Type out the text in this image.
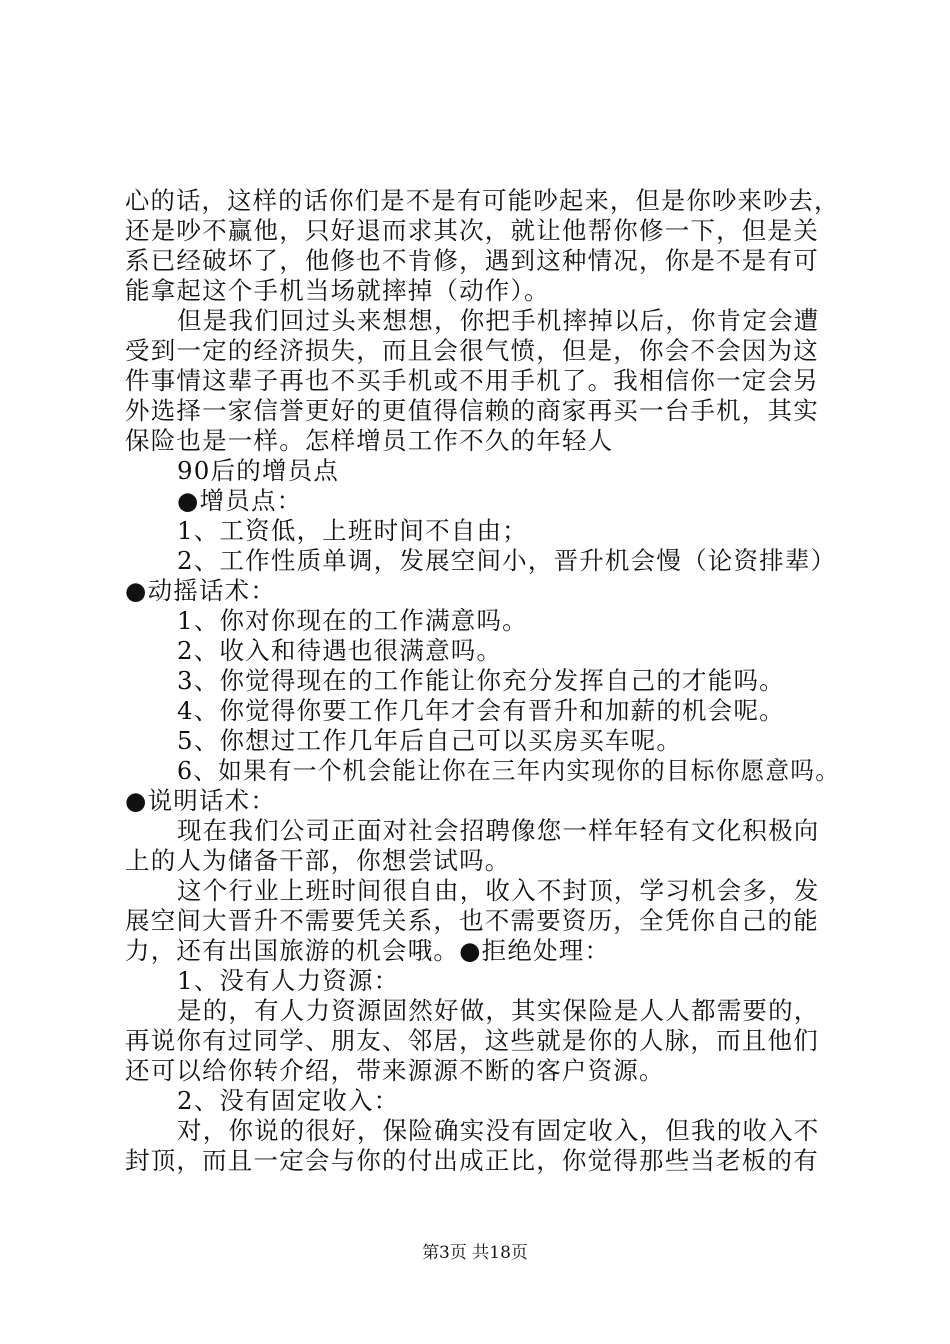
心的话，这样的话你们是不是有可能吵起来，但是你吵来吵去，
还是吵不赢他，只好退而求其次，就让他帮你修一下，但是关
系已经破坏了，他修也不肯修，遇到这种情况，你是不是有可
能拿起这个手机当场就摔掉（动作）。
但是我们回过头来想想，你把手机摔掉以后，你肯定会遭
受到一定的经济损失，而且会很气愤，但是，你会不会因为这
件事情这辈子再也不买手机或不用手机了。我相信你一定会另
外选择一家信誉更好的更值得信赖的商家再买一台手机，其实
保险也是一样。怎样增员工作不久的年轻人
90后的增员点
●增员点：
1、工资低，上班时间不自由；
2、工作性质单调，发展空间小，晋升机会慢（论资排辈）
●动摇话术：
1、你对你现在的工作满意吗。
2、收入和待遇也很满意吗。
3、你觉得现在的工作能让你充分发挥自己的才能吗。
4、你觉得你要工作几年才会有晋升和加薪的机会呢。
5、你想过工作几年后自己可以买房买车呢。
6、如果有一个机会能让你在三年内实现你的目标你愿意吗。
●说明话术：
现在我们公司正面对社会招聘像您一样年轻有文化积极向
上的人为储备干部，你想尝试吗。
这个行业上班时间很自由，收入不封顶，学习机会多，发
展空间大晋升不需要凭关系，也不需要资历，全凭你自己的能
力，还有出国旅游的机会哦。●拒绝处理：
1、没有人力资源：
是的，有人力资源固然好做，其实保险是人人都需要的，
再说你有过同学、朋友、邻居，这些就是你的人脉，而且他们
还可以给你转介绍，带来源源不断的客户资源。
2、没有固定收入：
对，你说的很好，保险确实没有固定收入，但我的收入不
封顶，而且一定会与你的付出成正比，你觉得那些当老板的有
第3页 共18页
